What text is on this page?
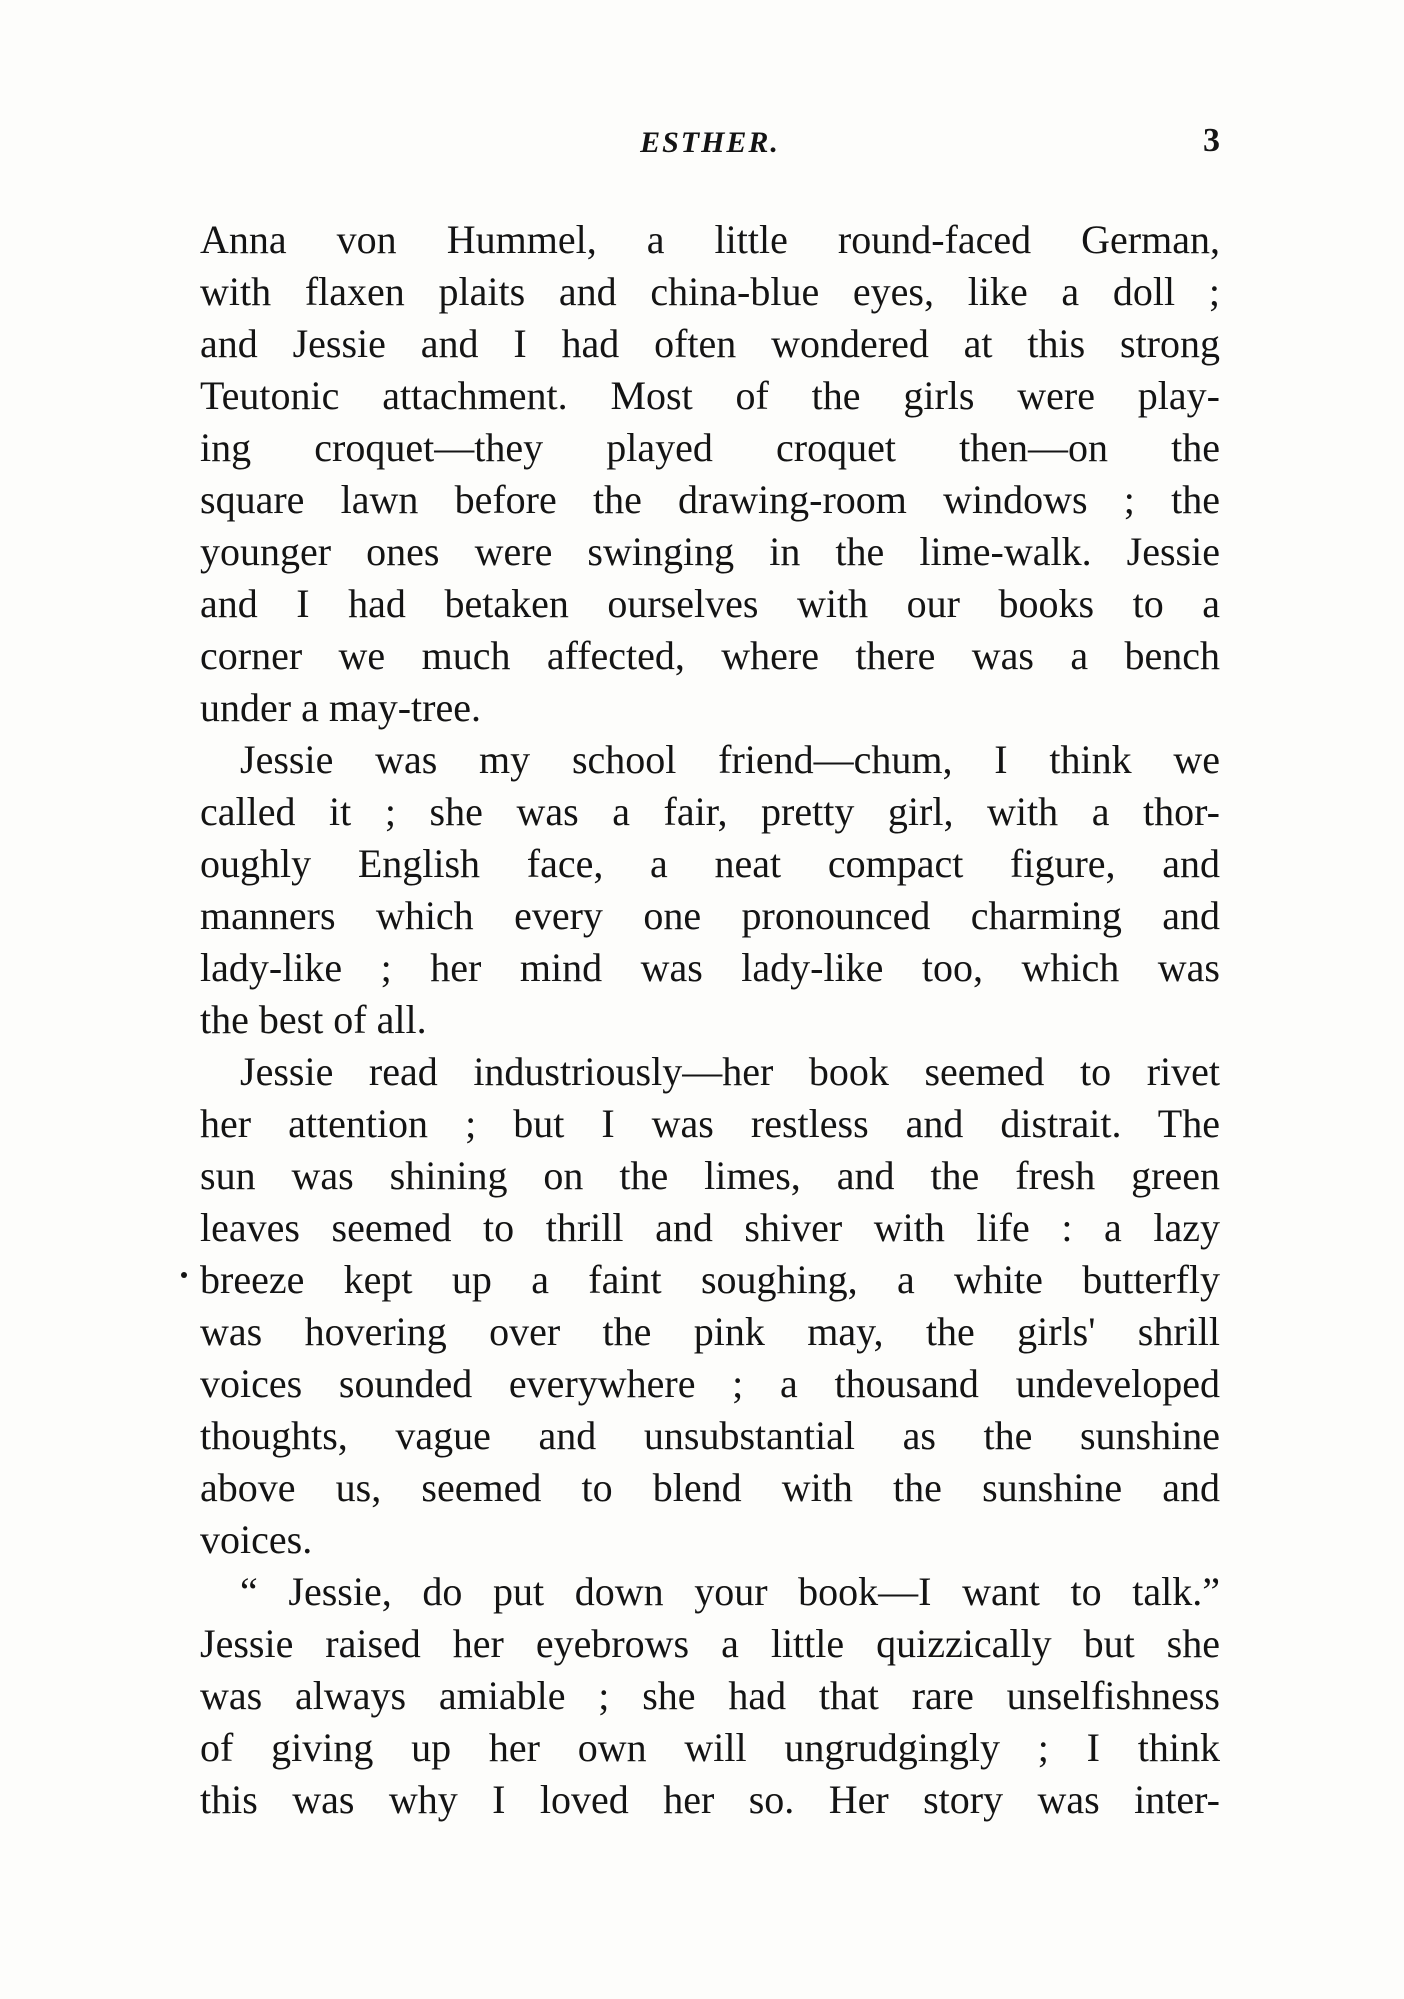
ESTHER.	3
Anna von Hummel, a little round-faced German,
with flaxen plaits and china-blue eyes, like a doll ;
and Jessie and I had often wondered at this strong
Teutonic attachment. Most of the girls were play-
ing croquet—they played croquet then—on the
square lawn before the drawing-room windows ; the
younger ones were swinging in the lime-walk. Jessie
and I had betaken ourselves with our books to a
corner we much affected, where there was a bench
under a may-tree.
Jessie was my school friend—chum, I think we
called it ; she was a fair, pretty girl, with a thor-
oughly English face, a neat compact figure, and
manners which every one pronounced charming and
lady-like ; her mind was lady-like too, which was
the best of all.
Jessie read industriously—her book seemed to rivet
her attention ; but I was restless and distrait. The
sun was shining on the limes, and the fresh green
leaves seemed to thrill and shiver with life : a lazy
breeze kept up a faint soughing, a white butterfly
was hovering over the pink may, the girls' shrill
voices sounded everywhere ; a thousand undeveloped
thoughts, vague and unsubstantial as the sunshine
above us, seemed to blend with the sunshine and
voices.
“ Jessie, do put down your book—I want to talk.”
Jessie raised her eyebrows a little quizzically but she
was always amiable ; she had that rare unselfishness
of giving up her own will ungrudgingly ; I think
this was why I loved her so. Her story was inter-
